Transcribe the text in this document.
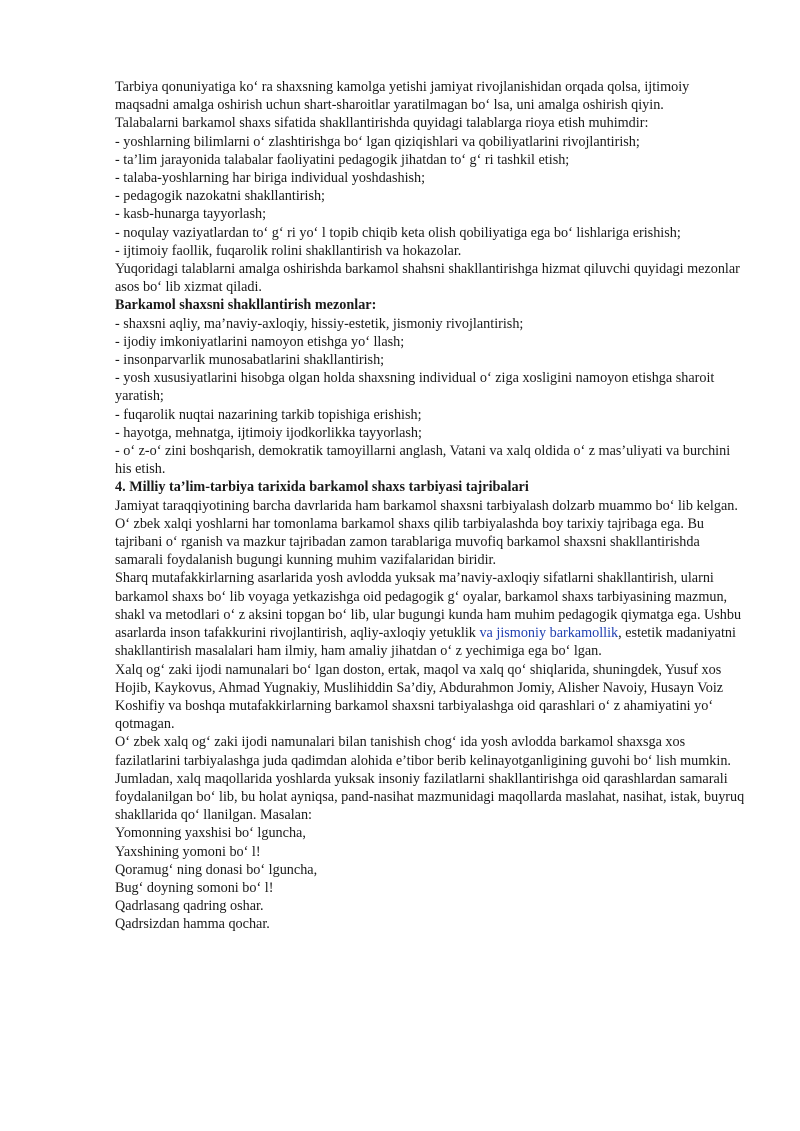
Tarbiya qonuniyatiga ko‘ ra shaxsning kamolga yetishi jamiyat rivojlanishidan orqada qolsa, ijtimoiy maqsadni amalga oshirish uchun shart-sharoitlar yaratilmagan bo‘ lsa, uni amalga oshirish qiyin.

Talabalarni barkamol shaxs sifatida shakllantirishda quyidagi talablarga rioya etish muhimdir:

- yoshlarning bilimlarni o‘ zlashtirishga bo‘ lgan qiziqishlari va qobiliyatlarini rivojlantirish;

- ta’lim jarayonida talabalar faoliyatini pedagogik jihatdan to‘ g‘ ri tashkil etish;

- talaba-yoshlarning har biriga individual yoshdashish;

- pedagogik nazokatni shakllantirish;

- kasb-hunarga tayyorlash;

- noqulay vaziyatlardan to‘ g‘ ri yo‘ l topib chiqib keta olish qobiliyatiga ega bo‘ lishlariga erishish;

- ijtimoiy faollik, fuqarolik rolini shakllantirish va hokazolar.

Yuqoridagi talablarni amalga oshirishda barkamol shahsni shakllantirishga hizmat qiluvchi quyidagi mezonlar asos bo‘ lib xizmat qiladi.

Barkamol shaxsni shakllantirish mezonlar:

- shaxsni aqliy, ma’naviy-axloqiy, hissiy-estetik, jismoniy rivojlantirish;

- ijodiy imkoniyatlarini namoyon etishga yo‘ llash;

- insonparvarlik munosabatlarini shakllantirish;

- yosh xususiyatlarini hisobga olgan holda shaxsning individual o‘ ziga xosligini namoyon etishga sharoit yaratish;

- fuqarolik nuqtai nazarining tarkib topishiga erishish;

- hayotga, mehnatga, ijtimoiy ijodkorlikka tayyorlash;

- o‘ z-o‘ zini boshqarish, demokratik tamoyillarni anglash, Vatani va xalq oldida o‘ z mas’uliyati va burchini his etish.

4. Milliy ta’lim-tarbiya tarixida barkamol shaxs tarbiyasi tajribalari

Jamiyat taraqqiyotining barcha davrlarida ham barkamol shaxsni tarbiyalash dolzarb muammo bo‘ lib kelgan. O‘ zbek xalqi yoshlarni har tomonlama barkamol shaxs qilib tarbiyalashda boy tarixiy tajribaga ega. Bu tajribani o‘ rganish va mazkur tajribadan zamon tarablariga muvofiq barkamol shaxsni shakllantirishda samarali foydalanish bugungi kunning muhim vazifalaridan biridir.

Sharq mutafakkirlarning asarlarida yosh avlodda yuksak ma’naviy-axloqiy sifatlarni shakllantirish, ularni barkamol shaxs bo‘ lib voyaga yetkazishga oid pedagogik g‘ oyalar, barkamol shaxs tarbiyasining mazmun, shakl va metodlari o‘ z aksini topgan bo‘ lib, ular bugungi kunda ham muhim pedagogik qiymatga ega. Ushbu asarlarda inson tafakkurini rivojlantirish, aqliy-axloqiy yetuklik va jismoniy barkamollik, estetik madaniyatni shakllantirish masalalari ham ilmiy, ham amaliy jihatdan o‘ z yechimiga ega bo‘ lgan.

Xalq og‘ zaki ijodi namunalari bo‘ lgan doston, ertak, maqol va xalq qo‘ shiqlarida, shuningdek, Yusuf xos Hojib, Kaykovus, Ahmad Yugnakiy, Muslihiddin Sa’diy, Abdurahmon Jomiy, Alisher Navoiy, Husayn Voiz Koshifiy va boshqa mutafakkirlarning barkamol shaxsni tarbiyalashga oid qarashlari o‘ z ahamiyatini yo‘ qotmagan.

O‘ zbek xalq og‘ zaki ijodi namunalari bilan tanishish chog‘ ida yosh avlodda barkamol shaxsga xos fazilatlarini tarbiyalashga juda qadimdan alohida e’tibor berib kelinayotganligining guvohi bo‘ lish mumkin. Jumladan, xalq maqollarida yoshlarda yuksak insoniy fazilatlarni shakllantirishga oid qarashlardan samarali foydalanilgan bo‘ lib, bu holat ayniqsa, pand-nasihat mazmunidagi maqollarda maslahat, nasihat, istak, buyruq shakllarida qo‘ llanilgan. Masalan:

Yomonning yaxshisi bo‘ lguncha,

Yaxshining yomoni bo‘ l!

Qoramug‘ ning donasi bo‘ lguncha,

Bug‘ doyning somoni bo‘ l!

Qadrlasang qadring oshar.

Qadrsizdan hamma qochar.
